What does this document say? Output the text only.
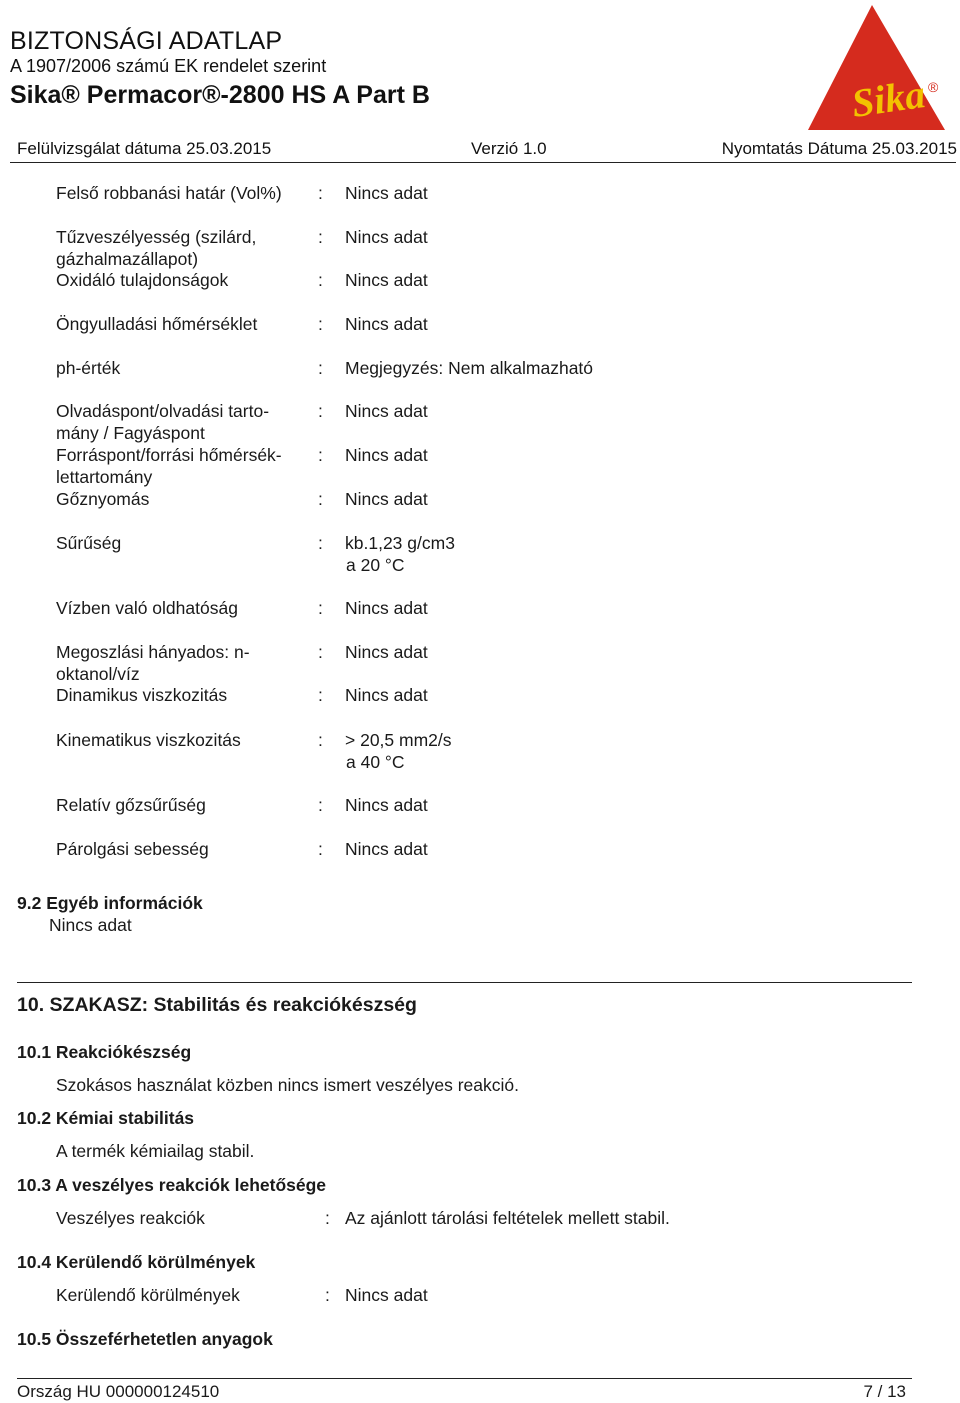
BIZTONSÁGI ADATLAP
A 1907/2006 számú EK rendelet szerint
Sika® Permacor®-2800 HS A Part B	Sika ®
Felülvizsgálat dátuma 25.03.2015	Verzió 1.0	Nyomtatás Dátuma 25.03.2015
Felső robbanási határ (Vol%)	: Nincs adat
Tűzveszélyesség (szilárd, gázhalmazállapot)
: Nincs adat
Oxidáló tulajdonságok	: Nincs adat
Öngyulladási hőmérséklet	: Nincs adat
ph-érték	: Megjegyzés: Nem alkalmazható
Olvadáspont/olvadási tarto-mány / Fagyáspont
: Nincs adat
Forráspont/forrási hőmérsék-lettartomány
: Nincs adat
Gőznyomás	: Nincs adat
Sűrűség	: kb.1,23 g/cm3
a 20 °C
Vízben való oldhatóság	: Nincs adat
Megoszlási hányados: n-oktanol/víz
: Nincs adat
Dinamikus viszkozitás	: Nincs adat
Kinematikus viszkozitás	: > 20,5 mm2/s
a 40 °C
Relatív gőzsűrűség	: Nincs adat
Párolgási sebesség	: Nincs adat
9.2 Egyéb információk
Nincs adat
10. SZAKASZ: Stabilitás és reakciókészség
10.1 Reakciókészség
Szokásos használat közben nincs ismert veszélyes reakció.
10.2 Kémiai stabilitás
A termék kémiailag stabil.
10.3 A veszélyes reakciók lehetősége
Veszélyes reakciók	: Az ajánlott tárolási feltételek mellett stabil.
10.4 Kerülendő körülmények
Kerülendő körülmények	: Nincs adat
10.5 Összeférhetetlen anyagok
Ország HU 000000124510	7 / 13
